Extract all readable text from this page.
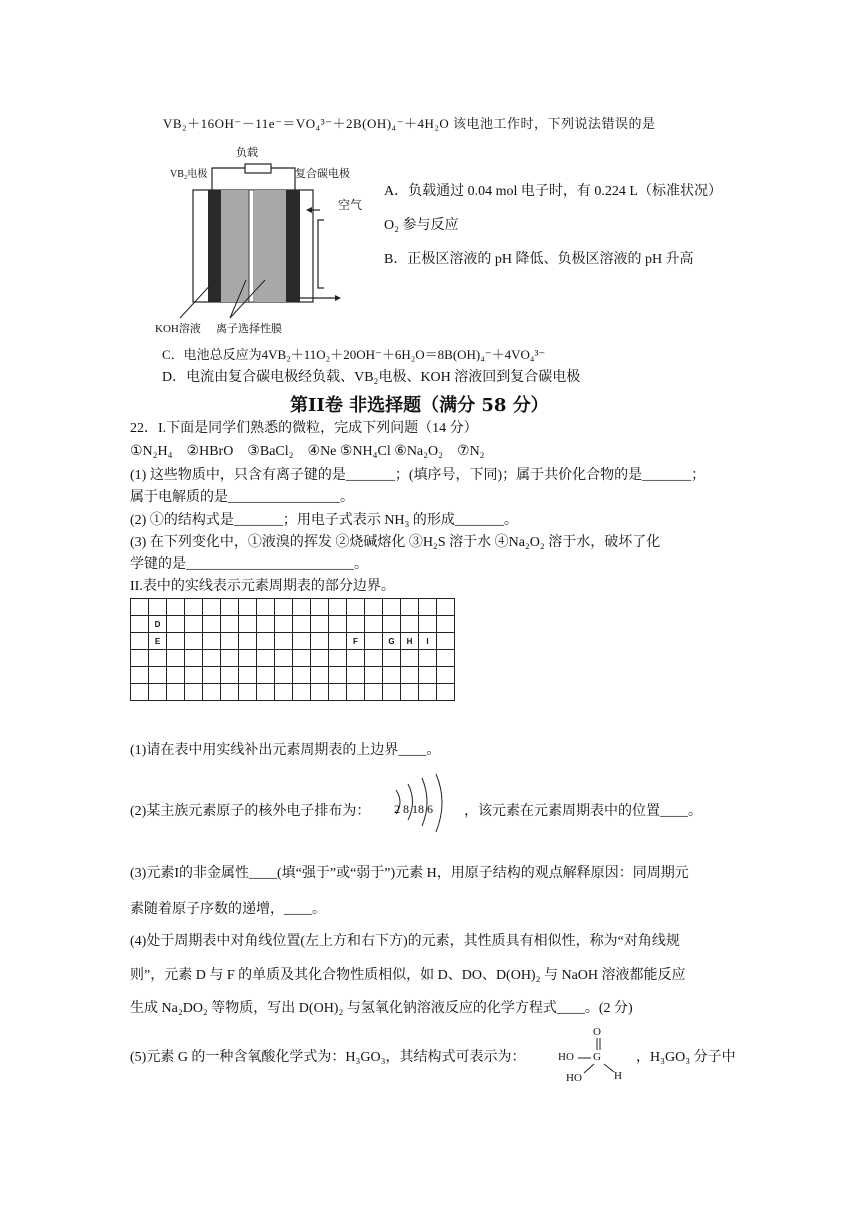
VB₂＋16OH⁻－11e⁻＝VO₄³⁻＋2B(OH)₄⁻＋4H₂O 该电池工作时，下列说法错误的是
负载
VB₂电极	复合碳电极
空气
KOH溶液 离子选择性膜
A．负载通过 0.04 mol 电子时，有 0.224 L（标准状况）
O₂ 参与反应
B．正极区溶液的 pH 降低、负极区溶液的 pH 升高
C．电池总反应为4VB₂＋11O₂＋20OH⁻＋6H₂O＝8B(OH)₄⁻＋4VO₄³⁻
D．电流由复合碳电极经负载、VB₂电极、KOH 溶液回到复合碳电极
第II卷 非选择题（满分 58 分）
22．I.下面是同学们熟悉的微粒，完成下列问题（14 分）
①N₂H₄　②HBrO　③BaCl₂　④Ne ⑤NH₄Cl ⑥Na₂O₂　⑦N₂
(1) 这些物质中，只含有离子键的是_______；(填序号，下同)；属于共价化合物的是_______；
属于电解质的是________________。
(2) ①的结构式是_______；用电子式表示 NH₃ 的形成_______。
(3) 在下列变化中，①液溴的挥发 ②烧碱熔化 ③H₂S 溶于水 ④Na₂O₂ 溶于水，破坏了化
学键的是________________________。
II.表中的实线表示元素周期表的部分边界。

	D																
	E											F		G	H	I	

(1)请在表中用实线补出元素周期表的上边界____。
(2)某主族元素原子的核外电子排布为： 2 8 18 6 ，该元素在元素周期表中的位置____。
(3)元素I的非金属性____(填“强于”或“弱于”)元素 H，用原子结构的观点解释原因：同周期元
素随着原子序数的递增，____。
(4)处于周期表中对角线位置(左上方和右下方)的元素，其性质具有相似性，称为“对角线规
则”，元素 D 与 F 的单质及其化合物性质相似，如 D、DO、D(OH)₂ 与 NaOH 溶液都能反应
生成 Na₂DO₂ 等物质，写出 D(OH)₂ 与氢氧化钠溶液反应的化学方程式____。(2 分)
(5)元素 G 的一种含氧酸化学式为：H₃GO₃，其结构式可表示为：
O
HO G
HO	H
，H₃GO₃ 分子中
